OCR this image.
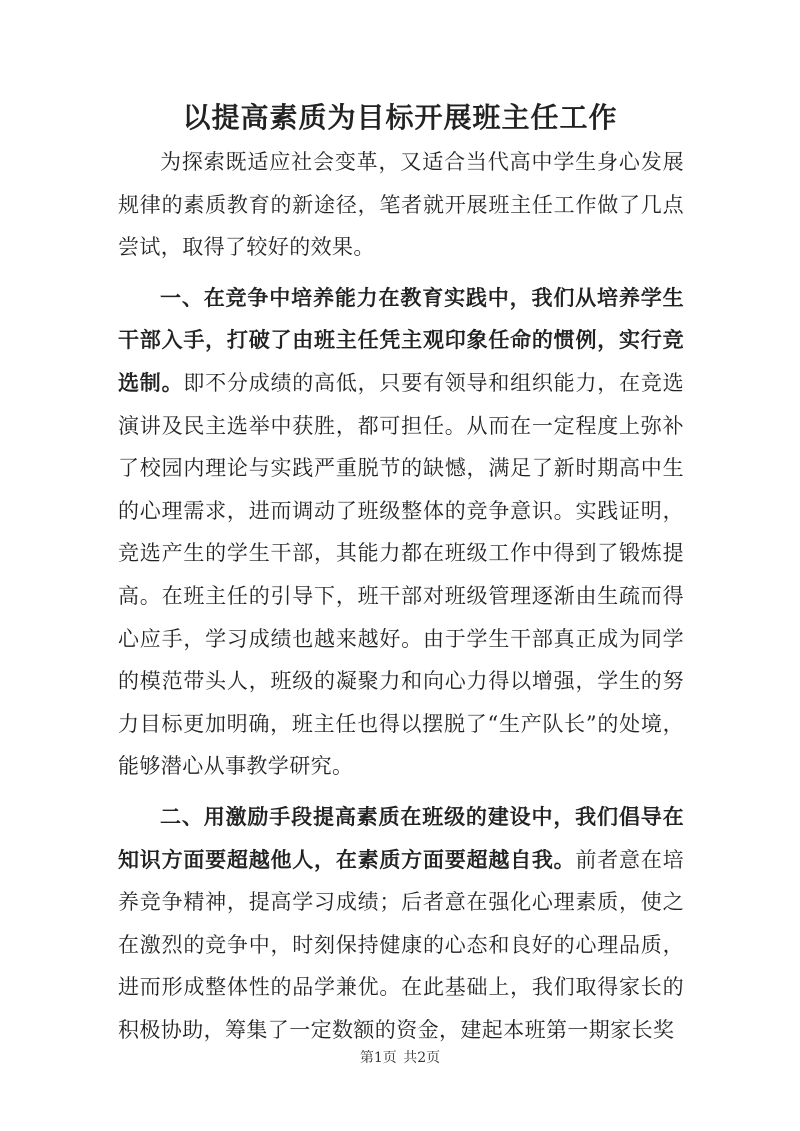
以提高素质为目标开展班主任工作

为探索既适应社会变革，又适合当代高中学生身心发展规律的素质教育的新途径，笔者就开展班主任工作做了几点尝试，取得了较好的效果。

一、在竞争中培养能力在教育实践中，我们从培养学生干部入手，打破了由班主任凭主观印象任命的惯例，实行竞选制。即不分成绩的高低，只要有领导和组织能力，在竞选演讲及民主选举中获胜，都可担任。从而在一定程度上弥补了校园内理论与实践严重脱节的缺憾，满足了新时期高中生的心理需求，进而调动了班级整体的竞争意识。实践证明，竞选产生的学生干部，其能力都在班级工作中得到了锻炼提高。在班主任的引导下，班干部对班级管理逐渐由生疏而得心应手，学习成绩也越来越好。由于学生干部真正成为同学的模范带头人，班级的凝聚力和向心力得以增强，学生的努力目标更加明确，班主任也得以摆脱了“生产队长”的处境，能够潜心从事教学研究。

二、用激励手段提高素质在班级的建设中，我们倡导在知识方面要超越他人，在素质方面要超越自我。前者意在培养竞争精神，提高学习成绩；后者意在强化心理素质，使之在激烈的竞争中，时刻保持健康的心态和良好的心理品质，进而形成整体性的品学兼优。在此基础上，我们取得家长的积极协助，筹集了一定数额的资金，建起本班第一期家长奖

第1页 共2页
